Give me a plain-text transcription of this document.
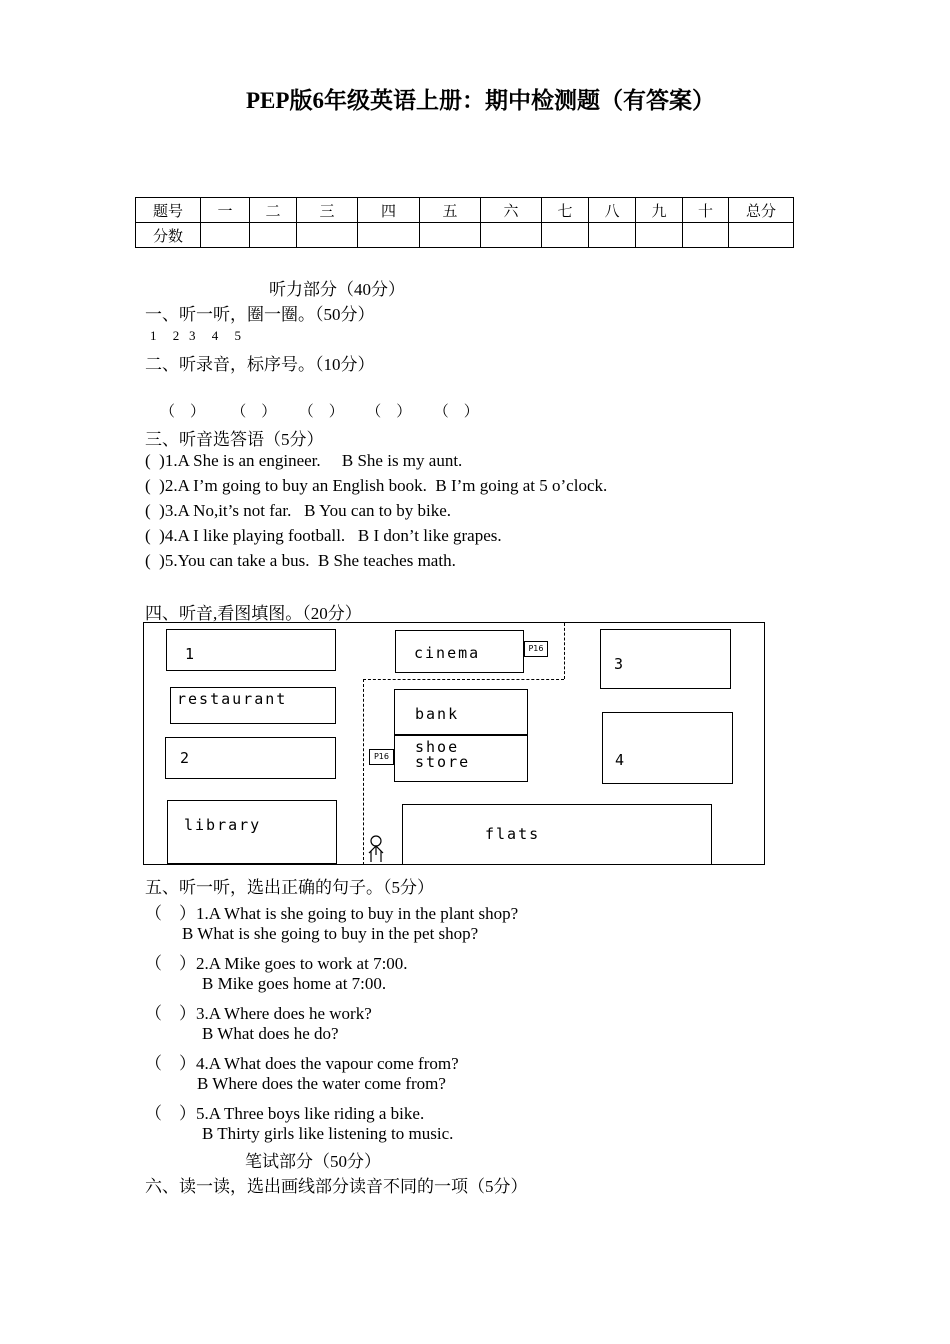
PEP版6年级英语上册：期中检测题（有答案）
题号	一	二	三	四	五	六	七	八	九	十	总分
分数											
听力部分（40分）
一、听一听，圈一圈。（50分）
1     2   3     4     5
二、听录音，标序号。（10分）
（    ）       （    ）      （    ）      （    ）      （    ）
三、听音选答语（5分）
(  )1.A She is an engineer.     B She is my aunt.
(  )2.A I’m going to buy an English book.  B I’m going at 5 o’clock.
(  )3.A No,it’s not far.   B You can to by bike.
(  )4.A I like playing football.   B I don’t like grapes.
(  )5.You can take a bus.  B She teaches math.
四、听音,看图填图。（20分）
1
restaurant
2
library
cinema	P16
bank
shoe
store
P16
flats
3
4
五、听一听，选出正确的句子。（5分）
（    ）1.A What is she going to buy in the plant shop?
B What is she going to buy in the pet shop?
（    ）2.A Mike goes to work at 7:00.
B Mike goes home at 7:00.
（    ）3.A Where does he work?
B What does he do?
（    ）4.A What does the vapour come from?
B Where does the water come from?
（    ）5.A Three boys like riding a bike.
B Thirty girls like listening to music.
笔试部分（50分）
六、读一读，选出画线部分读音不同的一项（5分）
